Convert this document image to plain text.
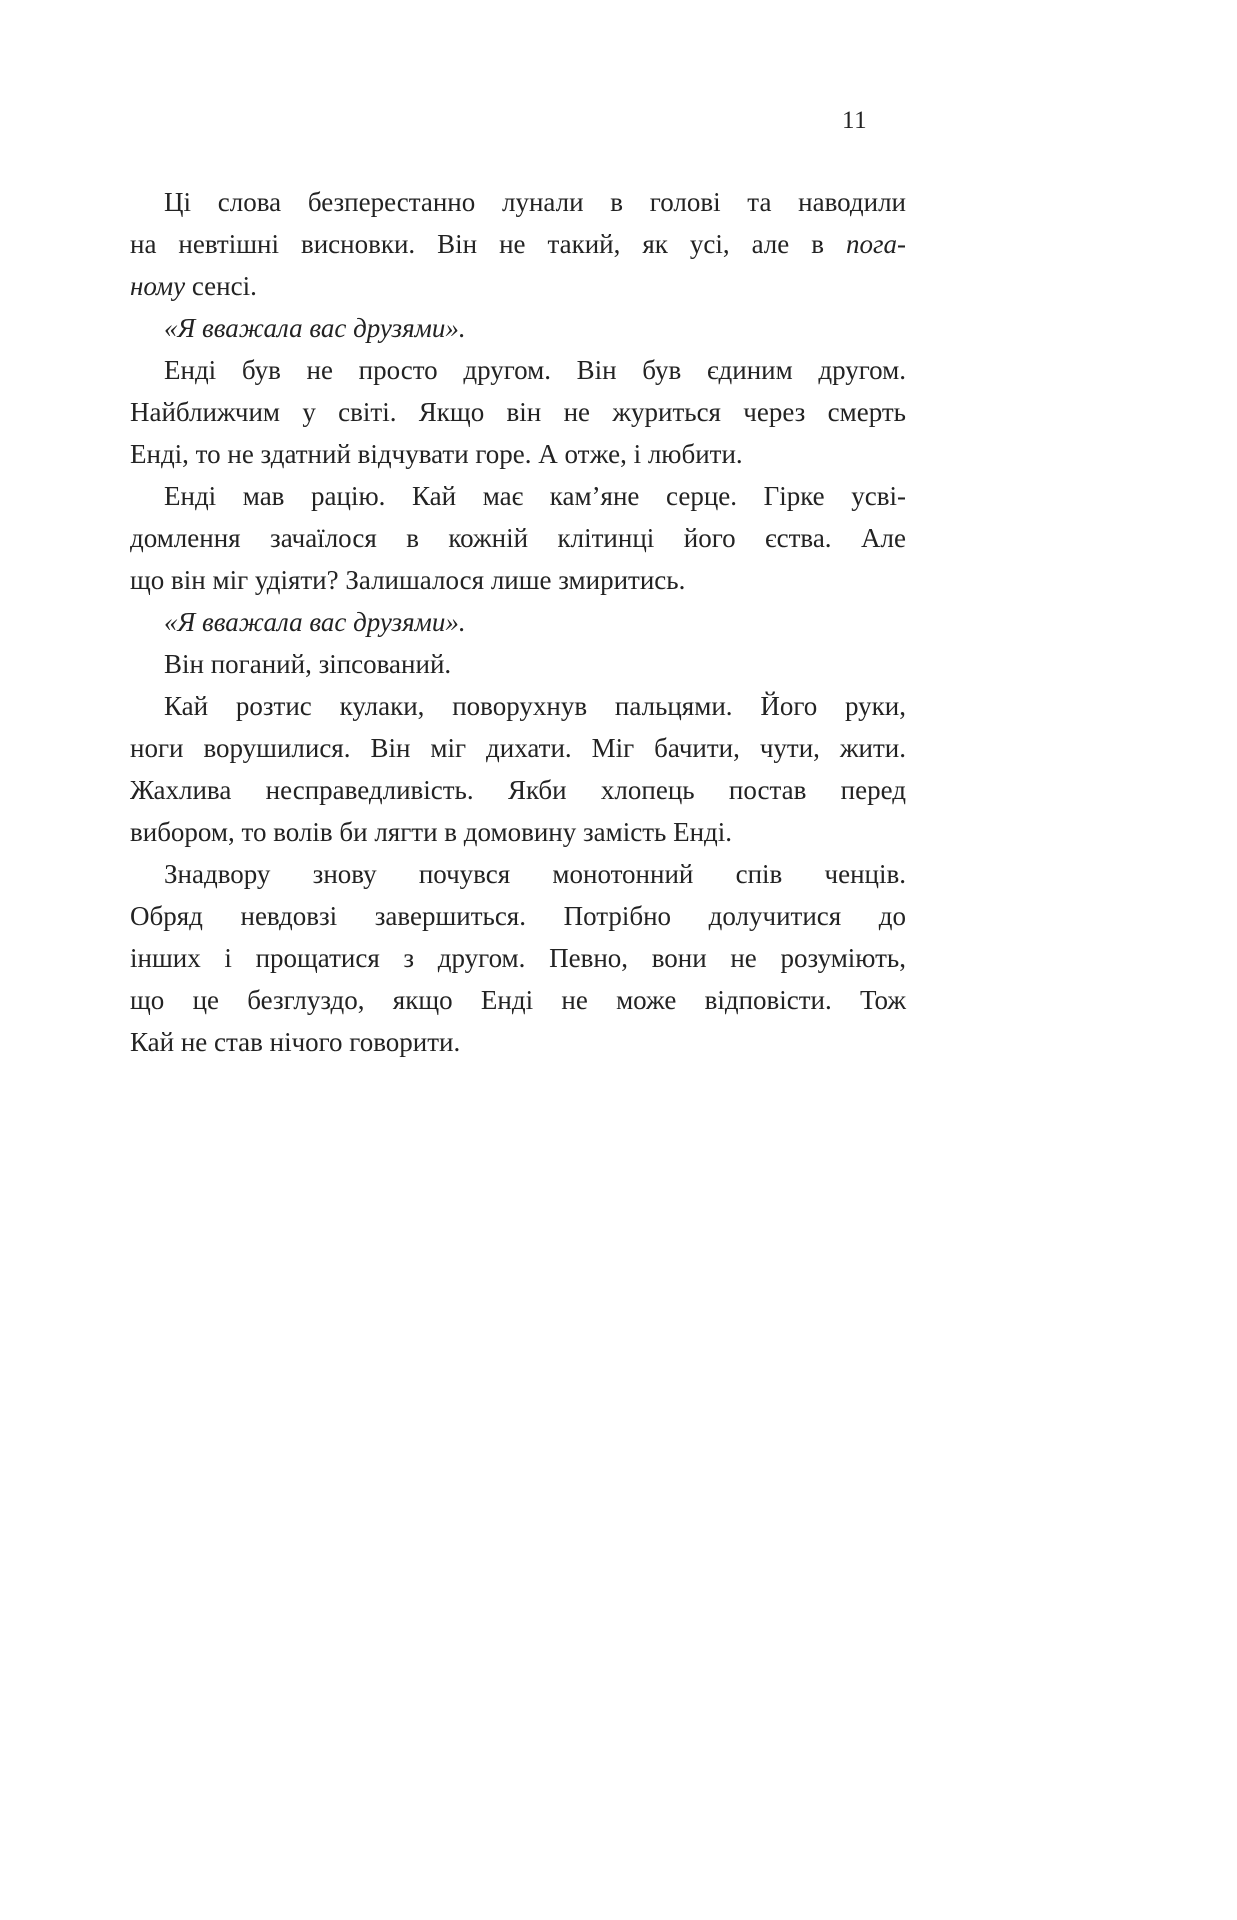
11

Ці слова безперестанно лунали в голові та наводили
на невтішні висновки. Він не такий, як усі, але в пога-
ному сенсі.

«Я вважала вас друзями».

Енді був не просто другом. Він був єдиним другом.
Найближчим у світі. Якщо він не журиться через смерть
Енді, то не здатний відчувати горе. А отже, і любити.

Енді мав рацію. Кай має кам’яне серце. Гірке усві-
домлення зачаїлося в кожній клітинці його єства. Але
що він міг удіяти? Залишалося лише змиритись.

«Я вважала вас друзями».

Він поганий, зіпсований.

Кай розтис кулаки, поворухнув пальцями. Його руки,
ноги ворушилися. Він міг дихати. Міг бачити, чути, жити.
Жахлива несправедливість. Якби хлопець постав перед
вибором, то волів би лягти в домовину замість Енді.

Знадвору знову почувся монотонний спів ченців.
Обряд невдовзі завершиться. Потрібно долучитися до
інших і прощатися з другом. Певно, вони не розуміють,
що це безглуздо, якщо Енді не може відповісти. Тож
Кай не став нічого говорити.
